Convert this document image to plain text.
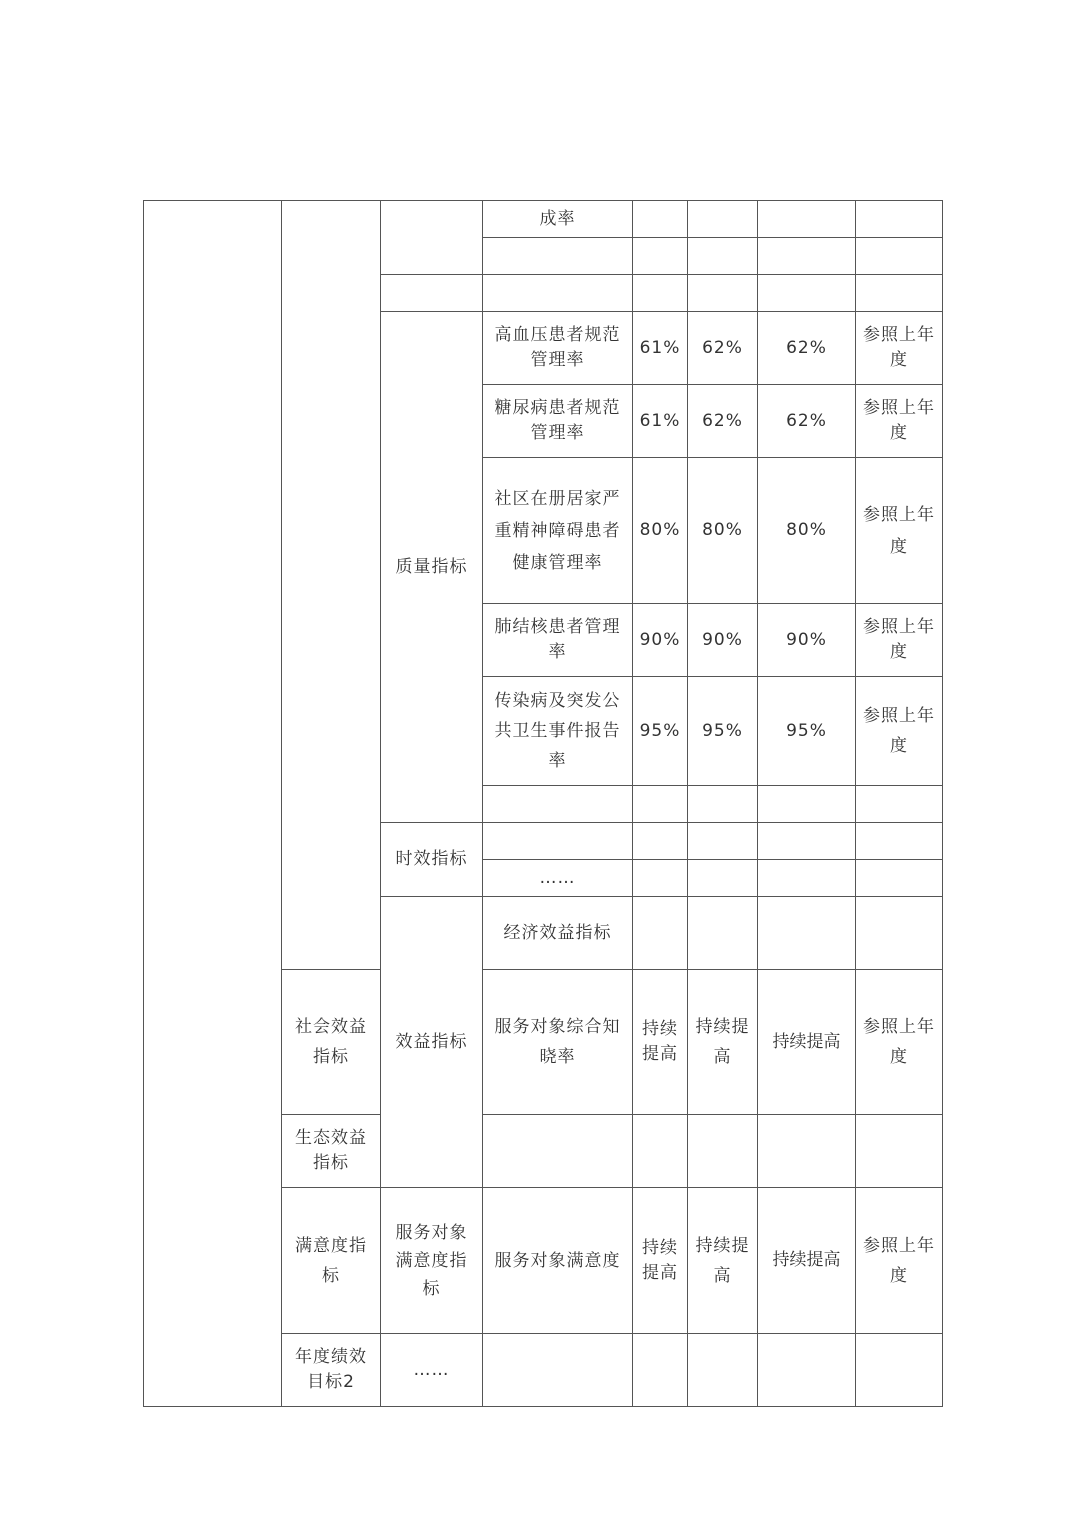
			成率					

		质量指标	高血压患者规范管理率	61%	62%	62%	参照上年度	
			糖尿病患者规范管理率	61%	62%	62%	参照上年度	
			社区在册居家严重精神障碍患者健康管理率	80%	80%	80%	参照上年度	
			肺结核患者管理率	90%	90%	90%	参照上年度	
			传染病及突发公共卫生事件报告率	95%	95%	95%	参照上年度	

		时效指标						
			……					
		效益指标	经济效益指标					
	社会效益指标		服务对象综合知晓率	持续提高	持续提高	持续提高	参照上年度	
	生态效益指标							
	满意度指标	服务对象满意度指标	服务对象满意度	持续提高	持续提高	持续提高	参照上年度	
	年度绩效目标2	……						
